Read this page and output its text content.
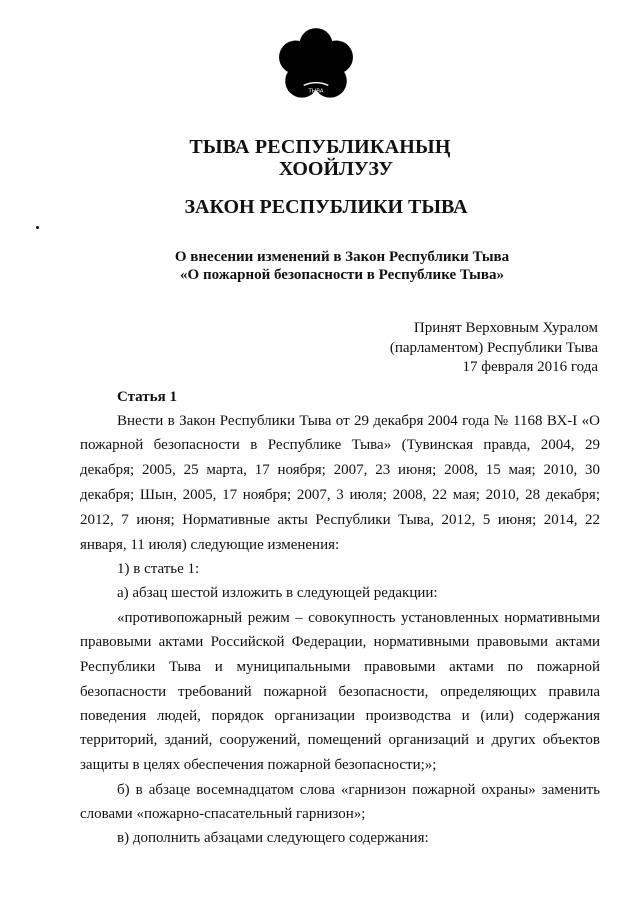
ТЫВА
ТЫВА РЕСПУБЛИКАНЫҢ
ХООЙЛУЗУ
ЗАКОН РЕСПУБЛИКИ ТЫВА
О внесении изменений в Закон Республики Тыва
«О пожарной безопасности в Республике Тыва»
Принят Верховным Хуралом
(парламентом) Республики Тыва
17 февраля 2016 года
Статья 1
Внести в Закон Республики Тыва от 29 декабря 2004 года № 1168 ВХ-I «О
пожарной безопасности в Республике Тыва» (Тувинская правда, 2004, 29
декабря; 2005, 25 марта, 17 ноября; 2007, 23 июня; 2008, 15 мая; 2010, 30
декабря; Шын, 2005, 17 ноября; 2007, 3 июля; 2008, 22 мая; 2010, 28 декабря;
2012, 7 июня; Нормативные акты Республики Тыва, 2012, 5 июня; 2014, 22
января, 11 июля) следующие изменения:
1) в статье 1:
а) абзац шестой изложить в следующей редакции:
«противопожарный режим – совокупность установленных нормативными
правовыми актами Российской Федерации, нормативными правовыми актами
Республики Тыва и муниципальными правовыми актами по пожарной
безопасности требований пожарной безопасности, определяющих правила
поведения людей, порядок организации производства и (или) содержания
территорий, зданий, сооружений, помещений организаций и других объектов
защиты в целях обеспечения пожарной безопасности;»;
б) в абзаце восемнадцатом слова «гарнизон пожарной охраны» заменить
словами «пожарно-спасательный гарнизон»;
в) дополнить абзацами следующего содержания:
